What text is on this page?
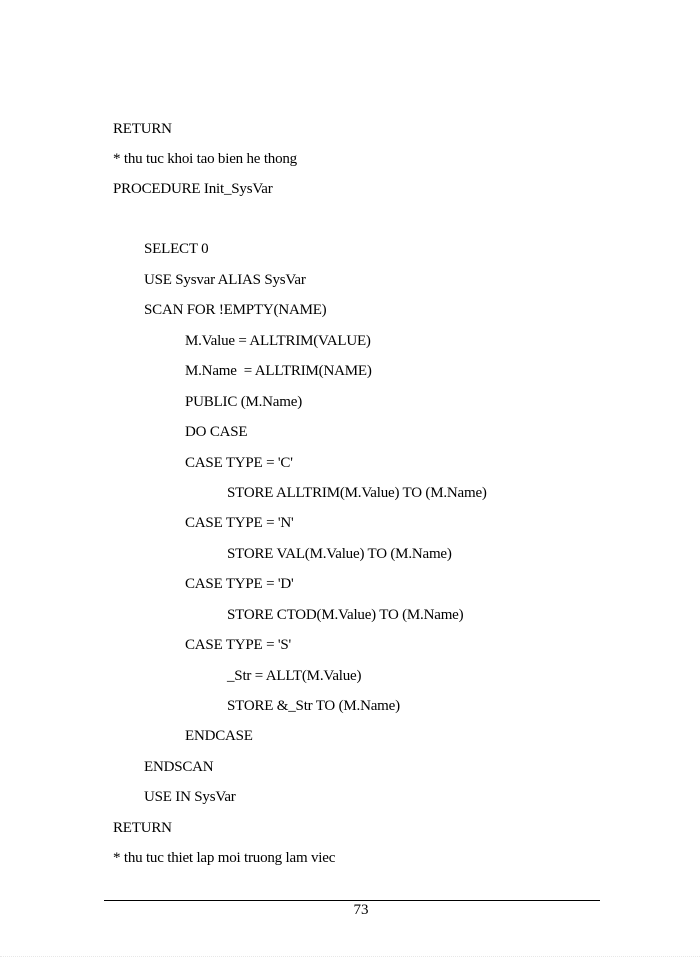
RETURN
* thu tuc khoi tao bien he thong
PROCEDURE Init_SysVar
SELECT 0
USE Sysvar ALIAS SysVar
SCAN FOR !EMPTY(NAME)
M.Value = ALLTRIM(VALUE)
M.Name  = ALLTRIM(NAME)
PUBLIC (M.Name)
DO CASE
CASE TYPE = 'C'
STORE ALLTRIM(M.Value) TO (M.Name)
CASE TYPE = 'N'
STORE VAL(M.Value) TO (M.Name)
CASE TYPE = 'D'
STORE CTOD(M.Value) TO (M.Name)
CASE TYPE = 'S'
_Str = ALLT(M.Value)
STORE &_Str TO (M.Name)
ENDCASE
ENDSCAN
USE IN SysVar
RETURN
* thu tuc thiet lap moi truong lam viec
73
